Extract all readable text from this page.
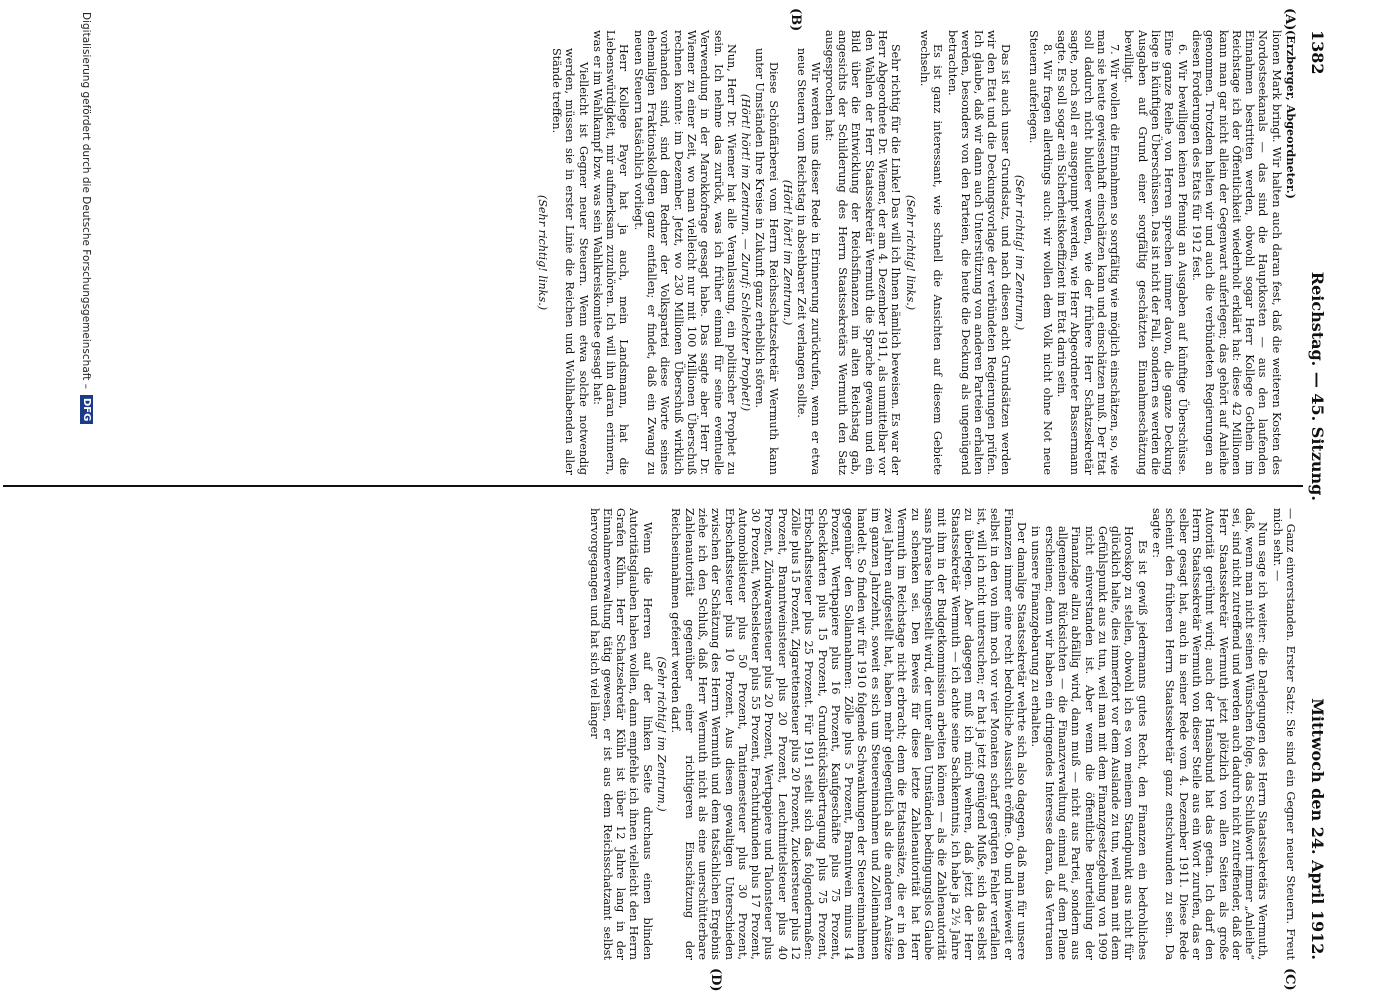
1382
Reichstag. — 45. Sitzung.
Mittwoch den 24. April 1912.
(A)
(B)
(C)
(D)

(Erzberger, Abgeordneter.)

lionen Mark bringt. Wir halten auch daran fest, daß die weiteren Kosten des Nordostseekanals — das sind die Hauptkosten — aus den laufenden Einnahmen bestritten werden, obwohl sogar Herr Kollege Gothein im Reichstage ich der Öffentlichkeit wiederholt erklärt hat: diese 42 Millionen kann man gar nicht allein der Gegenwart auferlegen; das gehört auf Anleihe genommen. Trotzdem halten wir und auch die verbündeten Regierungen an diesen Forderungen des Etats für 1912 fest.

6. Wir bewilligen keinen Pfennig an Ausgaben auf künftige Überschüsse. Eine ganze Reihe von Herren sprechen immer davon, die ganze Deckung liege in künftigen Überschüssen. Das ist nicht der Fall, sondern es werden die Ausgaben auf Grund einer sorgfältig geschätzten Einnahmeschätzung bewilligt.

7. Wir wollen die Einnahmen so sorgfältig wie möglich einschätzen, so, wie man sie heute gewissenhaft einschätzen kann und einschätzen muß. Der Etat soll dadurch nicht blutleer werden, wie der frühere Herr Schatzsekretär sagte, noch soll er ausgepumpt werden, wie Herr Abgeordneter Bassermann sagte. Es soll sogar ein Sicherheitskoeffizient im Etat darin sein.

8. Wir fragen allerdings auch: wir wollen dem Volk nicht ohne Not neue Steuern auferlegen.

(Sehr richtig! im Zentrum.)

Das ist auch unser Grundsatz, und nach diesen acht Grundsätzen werden wir den Etat und die Deckungsvorlage der verbündeten Regierungen prüfen. Ich glaube, daß wir dann auch Unterstützung von anderen Parteien erhalten werden, besonders von den Parteien, die heute die Deckung als ungenügend betrachten.

Es ist ganz interessant, wie schnell die Ansichten auf diesem Gebiete wechseln.

(Sehr richtig! links.)

Sehr richtig für die Linke! Das will ich Ihnen nämlich beweisen. Es war der Herr Abgeordnete Dr. Wiemer, der am 4. Dezember 1911, als unmittelbar vor den Wahlen der Herr Staatssekretär Wermuth die Sprache gewann und ein Bild über die Entwicklung der Reichsfinanzen im alten Reichstag gab, angesichts der Schilderung des Herrn Staatssekretärs Wermuth den Satz ausgesprochen hat:

Wir werden uns dieser Rede in Erinnerung zurückrufen, wenn er etwa neue Steuern vom Reichstag in absehbarer Zeit verlangen sollte.

(Hört! hört! im Zentrum.)

Diese Schönfärberei vom Herrn Reichsschatzsekretär Wermuth kann unter Umständen Ihre Kreise in Zukunft ganz erheblich stören.

(Hört! hört! im Zentrum. — Zuruf: Schlechter Prophet!)

Nun, Herr Dr. Wiemer hat alle Veranlassung, ein politischer Prophet zu sein. Ich nehme das zurück, was ich früher einmal für seine eventuelle Verwendung in der Marokkofrage gesagt habe. Das sagte aber Herr Dr. Wiemer zu einer Zeit, wo man vielleicht nur mit 100 Millionen Überschuß rechnen konnte: im Dezember. Jetzt, wo 230 Millionen Überschuß wirklich vorhanden sind, sind dem Redner der Volkspartei diese Worte seines ehemaligen Fraktionskollegen ganz entfallen; er findet, daß ein Zwang zu neuen Steuern tatsächlich vorliegt.

Herr Kollege Payer hat ja auch, mein Landsmann, hat die Liebenswürdigkeit, mir aufmerksam zuzuhören. Ich will ihn daran erinnern, was er im Wahlkampf bzw. was sein Wahlkreiskomitee gesagt hat:

Vielleicht ist Gegner neuer Steuern. Wenn etwa solche notwendig werden, müssen sie in erster Linie die Reichen und Wohlhabenden aller Stände treffen.

(Sehr richtig! links.)

— Ganz einverstanden. Erster Satz: Sie sind ein Gegner neuer Steuern. Freut mich sehr. —

Nun sage ich weiter: die Darlegungen des Herrn Staatssekretärs Wermuth, daß, wenn man nicht seinen Wünschen folge, das Schlußwort immer „Anleihe“ sei, sind nicht zutreffend und werden auch dadurch nicht zutreffender, daß der Herr Staatssekretär Wermuth jetzt plötzlich von allen Seiten als große Autorität gerühmt wird; auch der Hansabund hat das getan. Ich darf den Herrn Staatssekretär Wermuth von dieser Stelle aus ein Wort zurufen, das er selber gesagt hat, auch in seiner Rede vom 4. Dezember 1911. Diese Rede scheint den früheren Herrn Staatssekretär ganz entschwunden zu sein. Da sagte er:

Es ist gewiß jedermanns gutes Recht, den Finanzen ein bedrohliches Horoskop zu stellen, obwohl ich es von meinem Standpunkt aus nicht für glücklich halte, dies immerfort vor dem Auslande zu tun, weil man mit dem Gefühlspunkt aus zu tun, weil man mit dem Finanzgesetzgebung von 1909 nicht einverstanden ist. Aber wenn die öffentliche Beurteilung der Finanzlage allzu abfällig wird, dann muß — nicht aus Partei, sondern aus allgemeinen Rücksichten — die Finanzverwaltung einmal auf dem Plane erscheinen; denn wir haben ein dringendes Interesse daran, das Vertrauen in unsere Finanzgebarung zu erhalten.

Der damalige Staatssekretär wehrte sich also dagegen, daß man für unsere Finanzen immer eine recht bedrohliche Aussicht eröffne. Ob und inwieweit er selbst in den von ihm noch vor vier Monaten scharf gerügten Fehler verfallen ist, will ich nicht untersuchen; er hat ja jetzt genügend Muße, sich das selbst zu überlegen. Aber dagegen muß ich mich wehren, daß jetzt der Herr Staatssekretär Wermuth — ich achte seine Sachkenntnis, ich habe ja 2½ Jahre mit ihm in der Budgetkommission arbeiten können — als die Zahlenautorität sans phrase hingestellt wird, der unter allen Umständen bedingungslos Glaube zu schenken sei. Den Beweis für diese letzte Zahlenautorität hat Herr Wermuth im Reichstage nicht erbracht; denn die Etatsansätze, die er in den zwei Jahren aufgestellt hat, haben mehr gelegentlich als die anderen Ansätze im ganzen Jahrzehnt, soweit es sich um Steuereinnahmen und Zolleinnahmen handelt. So finden wir für 1910 folgende Schwankungen der Steuereinnahmen gegenüber den Sollannahmen: Zölle plus 5 Prozent, Branntwein minus 14 Prozent, Wertpapiere plus 16 Prozent, Kaufgeschäfte plus 75 Prozent, Scheckkarten plus 15 Prozent, Grundstücksübertragung plus 75 Prozent, Erbschaftssteuer plus 25 Prozent. Für 1911 stellt sich das folgendermaßen: Zölle plus 15 Prozent, Zigarettensteuer plus 20 Prozent, Zuckersteuer plus 12 Prozent, Branntweinsteuer plus 20 Prozent, Leuchtmittelsteuer plus 40 Prozent, Zündwarensteuer plus 20 Prozent, Wertpapiere und Talonsteuer plus 30 Prozent, Wechselsteuer plus 55 Prozent, Frachturkunden plus 17 Prozent, Automobilsteuer plus 50 Prozent, Tantiemesteuer plus 30 Prozent, Erbschaftssteuer plus 10 Prozent. Aus diesen gewaltigen Unterschieden zwischen der Schätzung des Herrn Wermuth und dem tatsächlichen Ergebnis ziehe ich den Schluß, daß Herr Wermuth nicht als eine unerschütterbare Zahlenautorität gegenüber einer richtigeren Einschätzung der Reichseinnahmen gefeiert werden darf.

(Sehr richtig! im Zentrum.)

Wenn die Herren auf der linken Seite durchaus einen blinden Autoritätsglauben haben wollen, dann empfehle ich ihnen vielleicht den Herrn Grafen Kühn. Herr Schatzsekretär Kühn ist über 12 Jahre lang in der Einnahmeverwaltung tätig gewesen, er ist aus dem Reichsschatzamt selbst hervorgegangen und hat sich viel länger

Digitalisierung gefördert durch die Deutsche Forschungsgemeinschaft –
DFG
